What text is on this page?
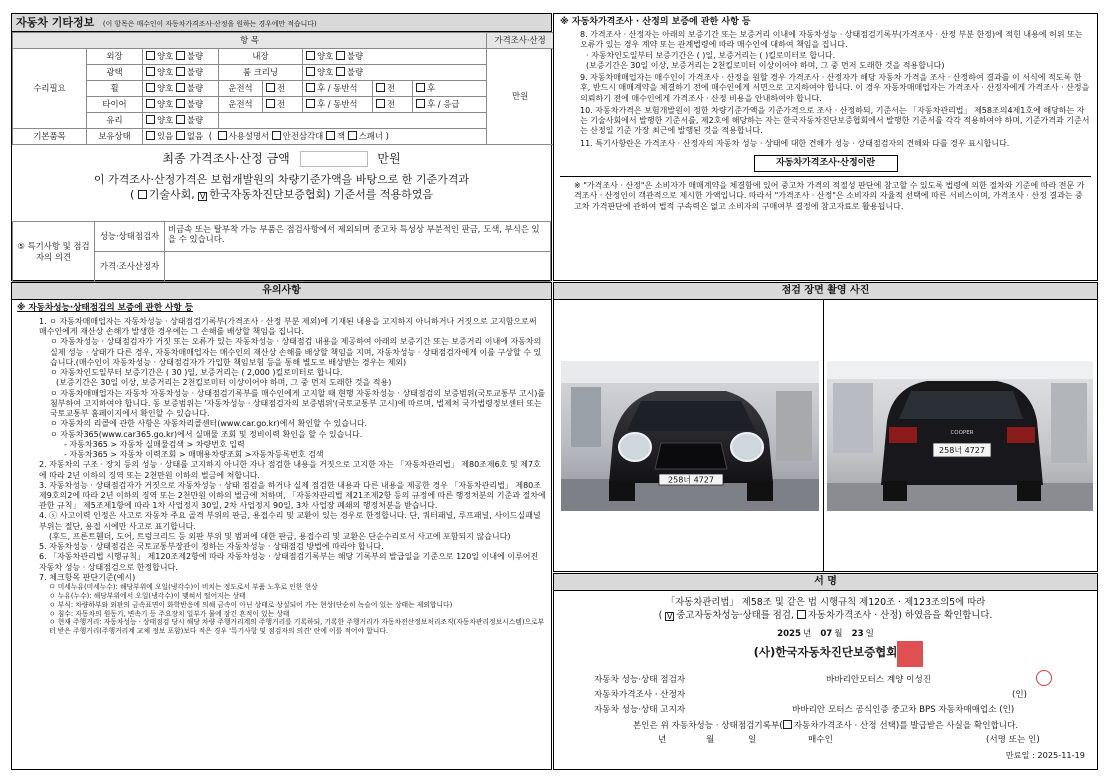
자동차 기타정보 (이 항목은 매수인이 자동차가격조사·산정을 원하는 경우에만 적습니다)
항 목								가격조사·산정
수리필요	외장	양호 불량	내장		양호 불량			만원
	광택	양호 불량	룸 크리닝		양호 불량			
	휠	양호 불량	운전석	전	후 / 동반석	전	후	
	타이어	양호 불량	운전석	전	후 / 동반석	전	후 / 응급	
	유리	양호 불량						
기본품목	보유상태	있음 없음 ( 사용설명서 안전삼각대 잭 스패너 )						
최종 가격조사·산정 금액	만원
이 가격조사·산정가격은 보험개발원의 차량기준가액을 바탕으로 한 기준가격과
( 기술사회, V 한국자동차진단보증협회) 기준서를 적용하였음
⑤ 특기사항 및 점검자의 의견	성능·상태점검자	비금속 또는 탈부착 가능 부품은 점검사항에서 제외되며 중고차 특성상 부분적인 판금, 도색, 부식은 있을 수 있습니다.
	가격·조사산정자	
※ 자동차가격조사 · 산정의 보증에 관한 사항 등
8. 가격조사 · 산정자는 아래의 보증기간 또는 보증거리 이내에 자동차성능 · 상태점검기록부(가격조사 · 산정 부분 한정)에 적힌 내용에 허위 또는 오류가 있는 경우 계약 또는 관계법령에 따라 매수인에 대하여 책임을 집니다.
· 자동차인도일부터 보증기간은 ( )일, 보증거리는 ( )킬로미터로 합니다.
(보증기간은 30일 이상, 보증거리는 2천킬로미터 이상이어야 하며, 그 중 먼저 도래한 것을 적용합니다)
9. 자동차매매업자는 매수인이 가격조사 · 산정을 원할 경우 가격조사 · 산정자가 해당 자동차 가격을 조사 · 산정하여 결과를 이 서식에 적도록 한 후, 반드시 매매계약을 체결하기 전에 매수인에게 서면으로 고지하여야 합니다. 이 경우 자동차매매업자는 가격조사 · 산정자에게 가격조사 · 산정을 의뢰하기 전에 매수인에게 가격조사 · 산정 비용을 안내하여야 합니다.
10. 자동차가격은 보험개발원이 정한 차량기준가액을 기준가격으로 조사 · 산정하되, 기준서는 「자동차관리법」 제58조의4제1호에 해당하는 자는 기술사회에서 발행한 기준서를, 제2호에 해당하는 자는 한국자동차진단보증협회에서 발행한 기준서를 각각 적용하여야 하며, 기준가격과 기준서는 산정일 기준 가장 최근에 발행된 것을 적용합니다.
11. 특기사항란은 가격조사 · 산정자의 자동차 성능 · 상태에 대한 견해가 성능 · 상태점검자의 견해와 다를 경우 표시합니다.
자동차가격조사·산정이란
※ "가격조사 · 산정"은 소비자가 매매계약을 체결함에 있어 중고차 가격의 적절성 판단에 참고할 수 있도록 법령에 의한 절차와 기준에 따라 전문 가격조사 · 산정인이 객관적으로 제시한 가액입니다. 따라서 "가격조사 · 산정"은 소비자의 자율적 선택에 따른 서비스이며, 가격조사 · 산정 결과는 중고차 가격판단에 관하여 법적 구속력은 없고 소비자의 구매여부 결정에 참고자료로 활용됩니다.
유의사항
※ 자동차성능·상태점검의 보증에 관한 사항 등
1. ㅇ 자동차매매업자는 자동차성능 · 상태점검기록부(가격조사 · 산정 부분 제외)에 기재된 내용을 고지하지 아니하거나 거짓으로 고지함으로써 매수인에게 재산상 손해가 발생한 경우에는 그 손해를 배상할 책임을 집니다.
ㅇ 자동차성능 · 상태점검자가 거짓 또는 오류가 있는 자동차성능 · 상태점검 내용을 제공하여 아래의 보증기간 또는 보증거리 이내에 자동차의 실제 성능 · 상태가 다른 경우, 자동차매매업자는 매수인의 재산상 손해를 배상할 책임을 지며, 자동차성능 · 상태점검자에게 이를 구상할 수 있습니다.(매수인이 자동차성능 · 상태점검자가 가입한 책임보험 등을 통해 별도로 배상받는 경우는 제외)
ㅇ 자동차인도일부터 보증기간은 ( 30 )일, 보증거리는 ( 2,000 )킬로미터로 합니다.
(보증기간은 30일 이상, 보증거리는 2천킬로미터 이상이어야 하며, 그 중 먼저 도래한 것을 적용)
ㅇ 자동차매매업자는 자동차 자동차성능 · 상태점검기록부를 매수인에게 고지할 때 현행 자동차성능 · 상태점검의 보증범위(국토교통부 고시)를 첨부하여 고지하여야 합니다. 동 보증범위는 '자동차성능 · 상태점검자의 보증범위'(국토교통부 고시)에 따르며, 법제처 국가법령정보센터 또는 국토교통부 홈페이지에서 확인할 수 있습니다.
ㅇ 자동차의 리콜에 관한 사항은 자동차리콜센터(www.car.go.kr)에서 확인할 수 있습니다.
ㅇ 자동차365(www.car365.go.kr)에서 실매물 조회 및 정비이력 확인을 할 수 있습니다.
- 자동차365 > 자동차 실매물검색 > 차량번호 입력
- 자동차365 > 자동차 이력조회 > 매매용차량조회 >자동차등록번호 검색
2. 자동차의 구조 · 장치 등의 성능 · 상태를 고지하지 아니한 자나 점검한 내용을 거짓으로 고지한 자는 「자동차관리법」 제80조제6호 및 제7호에 따라 2년 이하의 징역 또는 2천만원 이하의 벌금에 처합니다.
3. 자동차성능 · 상태점검자가 거짓으로 자동차성능 · 상태 점검을 하거나 실제 점검한 내용과 다른 내용을 제공한 경우 「자동차관리법」 제80조제9호의2에 따라 2년 이하의 징역 또는 2천만원 이하의 벌금에 처하며, 「자동차관리법 제21조제2항 등의 규정에 따른 행정처분의 기준과 절차에 관한 규칙」 제5조제1항에 따라 1차 사업정지 30일, 2차 사업정지 90일, 3차 사업장 폐쇄의 행정처분을 받습니다.
4. ⓢ 사고이력 인정은 사고로 자동차 주요 골격 부위의 판금, 용접수리 및 교환이 있는 경우로 한정합니다. 단, 쿼터패널, 루프패널, 사이드실패널 부위는 절단, 용접 시에만 사고로 표기합니다.
(후드, 프론트휀더, 도어, 트렁크리드 등 외판 부위 및 범퍼에 대한 판금, 용접수리 및 교환은 단순수리로서 사고에 포함되지 않습니다)
5. 자동차성능 · 상태점검은 국토교통부장관이 정하는 자동차성능 · 상태점검 방법에 따라야 합니다.
6. 「자동차관리법 시행규칙」 제120조제2항에 따라 자동차성능 · 상태점검기록부는 해당 기록부의 발급일을 기준으로 120일 이내에 이루어진 자동차 성능 · 상태점검으로 한정합니다.
7. 체크항목 판단기준(예시)
ㅁ 미세누유(미세누수): 해당부위에 오일(냉각수)이 비치는 정도로서 부품 노후로 인한 현상
ㅇ 누유(누수): 해당부위에서 오일(냉각수)이 맺혀서 떨어지는 상태
ㅇ 부식: 차량하부와 외판의 금속표면이 화학반응에 의해 금속이 아닌 상태로 상실되어 가는 현상(단순히 녹슬어 있는 상태는 제외합니다)
ㅇ 침수: 자동차의 원동기, 변속기 등 주요장치 일부가 물에 잠긴 흔적이 있는 상태
ㅇ 현재 주행거리: 자동차성능 · 상태점검 당시 해당 차량 주행거리계의 주행거리를 기록하되, 기록한 주행거리가 자동차전산정보처리조직(자동차관리정보시스템)으로부터 받은 주행거리(주행거리계 교체 정보 포함)보다 적은 경우 '특기사항 및 점검자의 의견' 란에 이를 적어야 합니다.
점검 장면 촬영 사진
258너 4727
COOPER
258너 4727
서 명
「자동차관리법」 제58조 및 같은 법 시행규칙 제120조 · 제123조의5에 따라
( V 중고자동차성능·상태를 점검, 자동차가격조사 · 산정) 하였음을 확인합니다.
2025 년 07 월 23 일
(사)한국자동차진단보증협회
자동차 성능·상태 점검자	바바리안모터스 계양 이성진
자동차가격조사 · 산정자	(인)
자동차 성능·상태 고지자	바바리안 모터스 공식인증 중고차 BPS 자동차매매업소 (인)
본인은 위 자동차성능 · 상태점검기록부( 자동차가격조사 · 산정 선택)를 발급받은 사실을 확인합니다.
년	월	일	매수인	(서명 또는 인)
만료일 : 2025-11-19
